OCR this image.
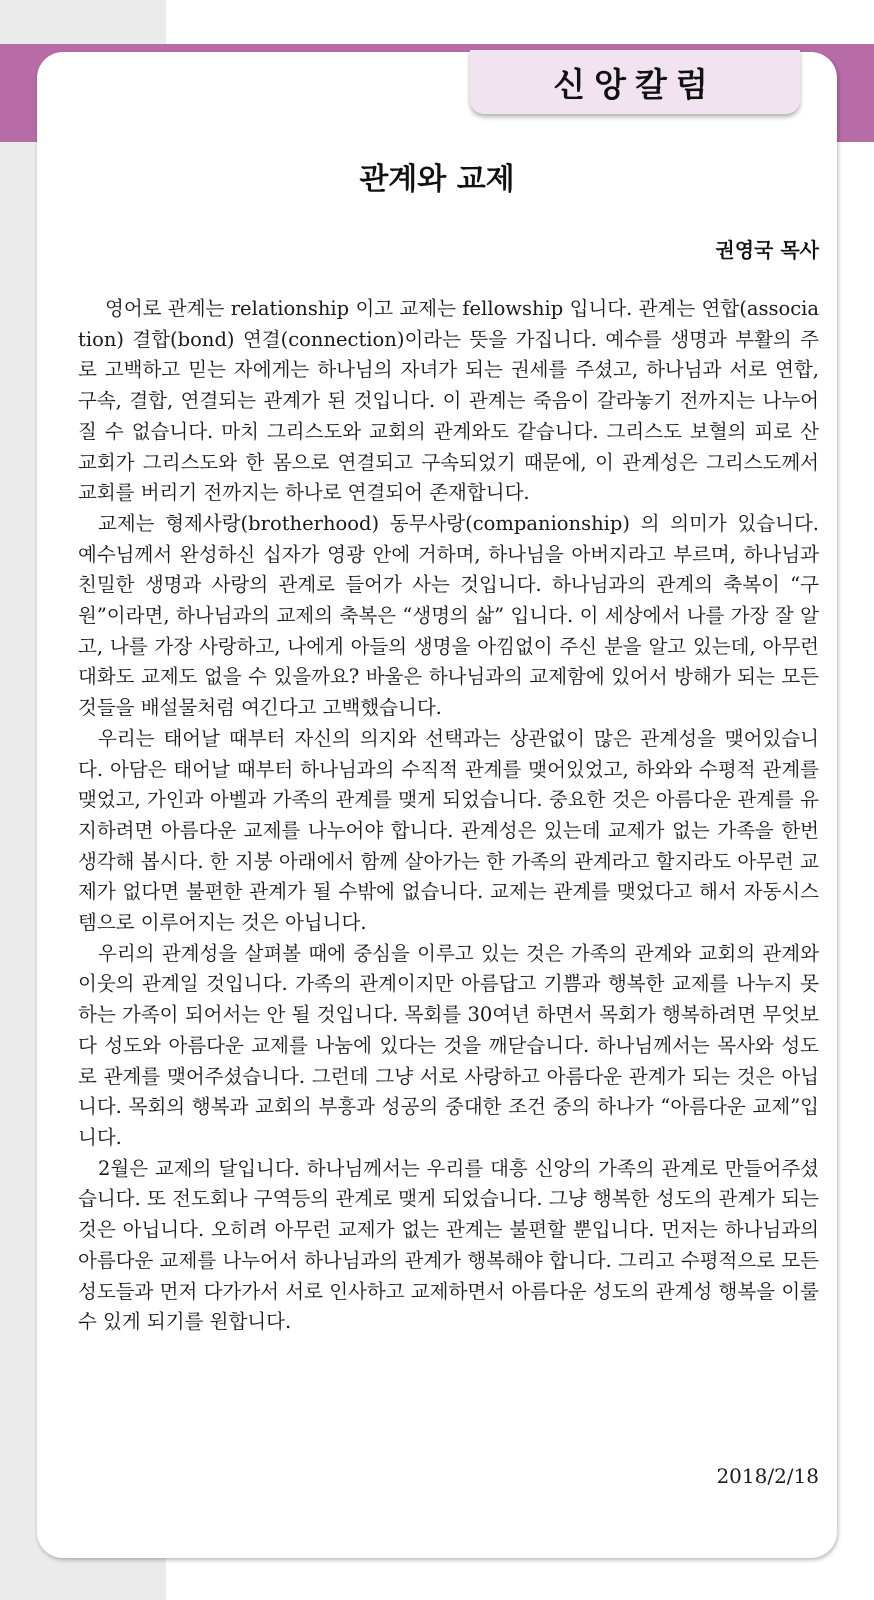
신앙칼럼
관계와 교제
권영국 목사

영어로 관계는 relationship 이고 교제는 fellowship 입니다. 관계는 연합(association) 결합(bond) 연결(connection)이라는 뜻을 가집니다. 예수를 생명과 부활의 주로 고백하고 믿는 자에게는 하나님의 자녀가 되는 권세를 주셨고, 하나님과 서로 연합, 구속, 결합, 연결되는 관계가 된 것입니다. 이 관계는 죽음이 갈라놓기 전까지는 나누어질 수 없습니다. 마치 그리스도와 교회의 관계와도 같습니다. 그리스도 보혈의 피로 산 교회가 그리스도와 한 몸으로 연결되고 구속되었기 때문에, 이 관계성은 그리스도께서 교회를 버리기 전까지는 하나로 연결되어 존재합니다.

교제는 형제사랑(brotherhood) 동무사랑(companionship) 의 의미가 있습니다. 예수님께서 완성하신 십자가 영광 안에 거하며, 하나님을 아버지라고 부르며, 하나님과 친밀한 생명과 사랑의 관계로 들어가 사는 것입니다. 하나님과의 관계의 축복이 “구원”이라면, 하나님과의 교제의 축복은 “생명의 삶” 입니다. 이 세상에서 나를 가장 잘 알고, 나를 가장 사랑하고, 나에게 아들의 생명을 아낌없이 주신 분을 알고 있는데, 아무런 대화도 교제도 없을 수 있을까요? 바울은 하나님과의 교제함에 있어서 방해가 되는 모든 것들을 배설물처럼 여긴다고 고백했습니다.

우리는 태어날 때부터 자신의 의지와 선택과는 상관없이 많은 관계성을 맺어있습니다. 아담은 태어날 때부터 하나님과의 수직적 관계를 맺어있었고, 하와와 수평적 관계를 맺었고, 가인과 아벨과 가족의 관계를 맺게 되었습니다. 중요한 것은 아름다운 관계를 유지하려면 아름다운 교제를 나누어야 합니다. 관계성은 있는데 교제가 없는 가족을 한번 생각해 봅시다. 한 지붕 아래에서 함께 살아가는 한 가족의 관계라고 할지라도 아무런 교제가 없다면 불편한 관계가 될 수밖에 없습니다. 교제는 관계를 맺었다고 해서 자동시스템으로 이루어지는 것은 아닙니다.

우리의 관계성을 살펴볼 때에 중심을 이루고 있는 것은 가족의 관계와 교회의 관계와 이웃의 관계일 것입니다. 가족의 관계이지만 아름답고 기쁨과 행복한 교제를 나누지 못하는 가족이 되어서는 안 될 것입니다. 목회를 30여년 하면서 목회가 행복하려면 무엇보다 성도와 아름다운 교제를 나눔에 있다는 것을 깨닫습니다. 하나님께서는 목사와 성도로 관계를 맺어주셨습니다. 그런데 그냥 서로 사랑하고 아름다운 관계가 되는 것은 아닙니다. 목회의 행복과 교회의 부흥과 성공의 중대한 조건 중의 하나가 “아름다운 교제”입니다.

2월은 교제의 달입니다. 하나님께서는 우리를 대흥 신앙의 가족의 관계로 만들어주셨습니다. 또 전도회나 구역등의 관계로 맺게 되었습니다. 그냥 행복한 성도의 관계가 되는 것은 아닙니다. 오히려 아무런 교제가 없는 관계는 불편할 뿐입니다. 먼저는 하나님과의 아름다운 교제를 나누어서 하나님과의 관계가 행복해야 합니다. 그리고 수평적으로 모든 성도들과 먼저 다가가서 서로 인사하고 교제하면서 아름다운 성도의 관계성 행복을 이룰수 있게 되기를 원합니다.

2018/2/18
